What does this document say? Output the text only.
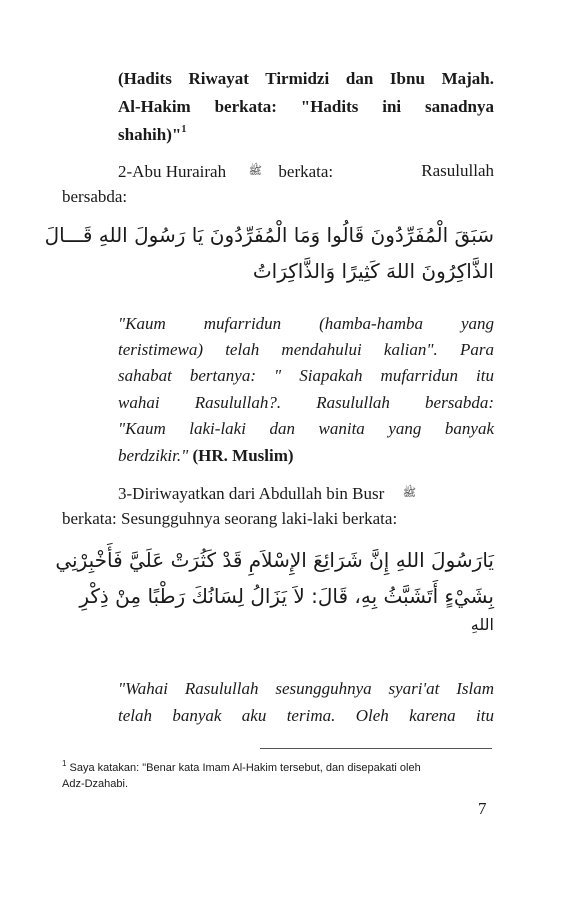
(Hadits Riwayat Tirmidzi dan Ibnu Majah.
Al-Hakim berkata: "Hadits ini sanadnya
shahih)"$^1$
2-Abu Hurairah ﷺ berkata:	Rasulullah
bersabda:
سَبَقَ الْمُفَرِّدُونَ قَالُوا وَمَا الْمُفَرِّدُونَ يَا رَسُولَ اللهِ قَـــالَ
الذَّاكِرُونَ اللهَ كَثِيرًا وَالذَّاكِرَاتُ
"Kaum mufarridun (hamba-hamba yang
teristimewa) telah mendahului kalian". Para
sahabat bertanya: " Siapakah mufarridun itu
wahai Rasulullah?. Rasulullah bersabda:
"Kaum laki-laki dan wanita yang banyak
berdzikir." (HR. Muslim)
3-Diriwayatkan dari Abdullah bin Busr ﷺ
berkata: Sesungguhnya seorang laki-laki berkata:
يَارَسُولَ اللهِ إِنَّ شَرَائِعَ الإِسْلاَمِ قَدْ كَثُرَتْ عَلَيَّ فَأَخْبِرْنِي
بِشَيْءٍ أَتَشَبَّثُ بِهِ، قَالَ: لاَ يَزَالُ لِسَانُكَ رَطْبًا مِنْ ذِكْرِ
اللهِ
"Wahai Rasulullah sesungguhnya syari'at Islam
telah banyak aku terima. Oleh karena itu
$^1$ Saya katakan: "Benar kata Imam Al-Hakim tersebut, dan disepakati oleh
Adz-Dzahabi.
7
